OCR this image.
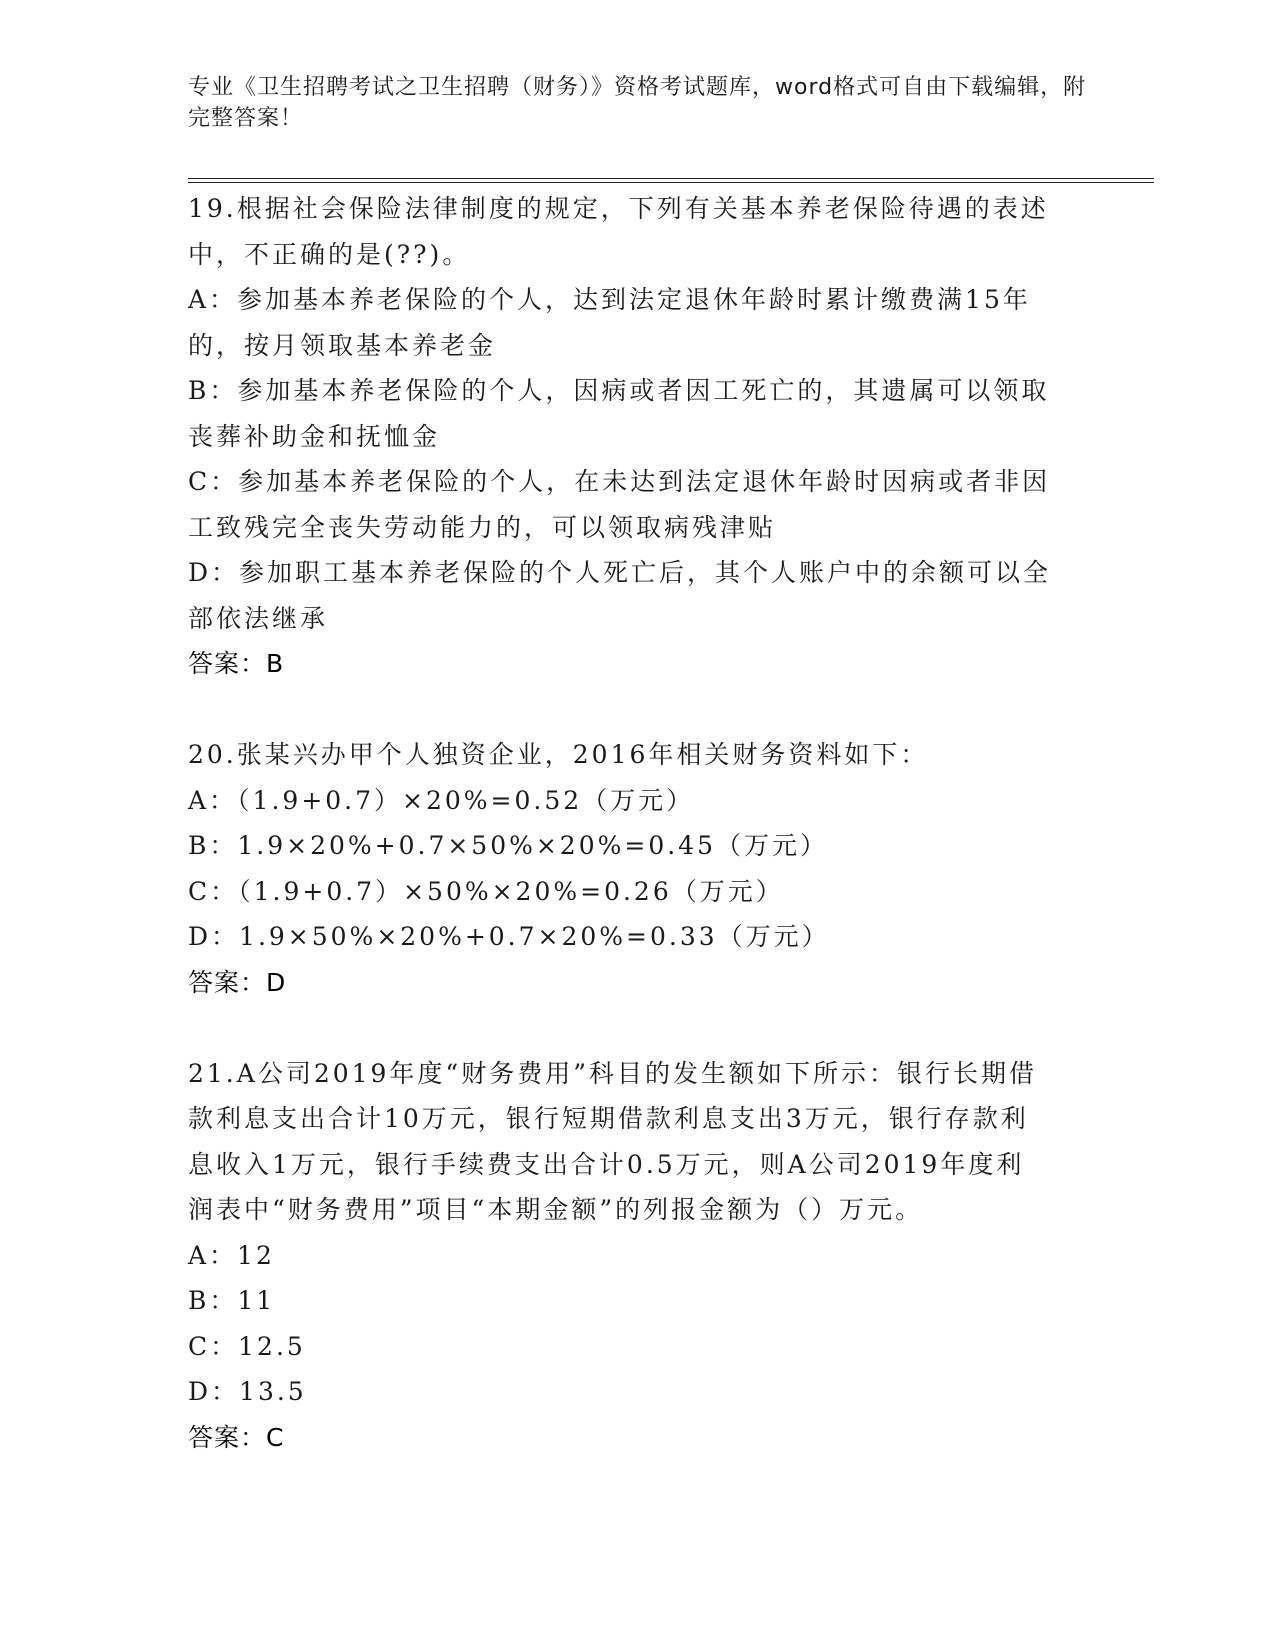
专业《卫生招聘考试之卫生招聘（财务）》资格考试题库，word格式可自由下载编辑，附完整答案！

19.根据社会保险法律制度的规定，下列有关基本养老保险待遇的表述

中，不正确的是(??)。

A：参加基本养老保险的个人，达到法定退休年龄时累计缴费满15年

的，按月领取基本养老金

B：参加基本养老保险的个人，因病或者因工死亡的，其遗属可以领取

丧葬补助金和抚恤金

C：参加基本养老保险的个人，在未达到法定退休年龄时因病或者非因

工致残完全丧失劳动能力的，可以领取病残津贴

D：参加职工基本养老保险的个人死亡后，其个人账户中的余额可以全

部依法继承

答案：B

20.张某兴办甲个人独资企业，2016年相关财务资料如下：

A：（1.9+0.7）×20%=0.52（万元）

B：1.9×20%+0.7×50%×20%=0.45（万元）

C：（1.9+0.7）×50%×20%=0.26（万元）

D：1.9×50%×20%+0.7×20%=0.33（万元）

答案：D

21.A公司2019年度“财务费用”科目的发生额如下所示：银行长期借

款利息支出合计10万元，银行短期借款利息支出3万元，银行存款利

息收入1万元，银行手续费支出合计0.5万元，则A公司2019年度利

润表中“财务费用”项目“本期金额”的列报金额为（）万元。

A：12

B：11

C：12.5

D：13.5

答案：C
